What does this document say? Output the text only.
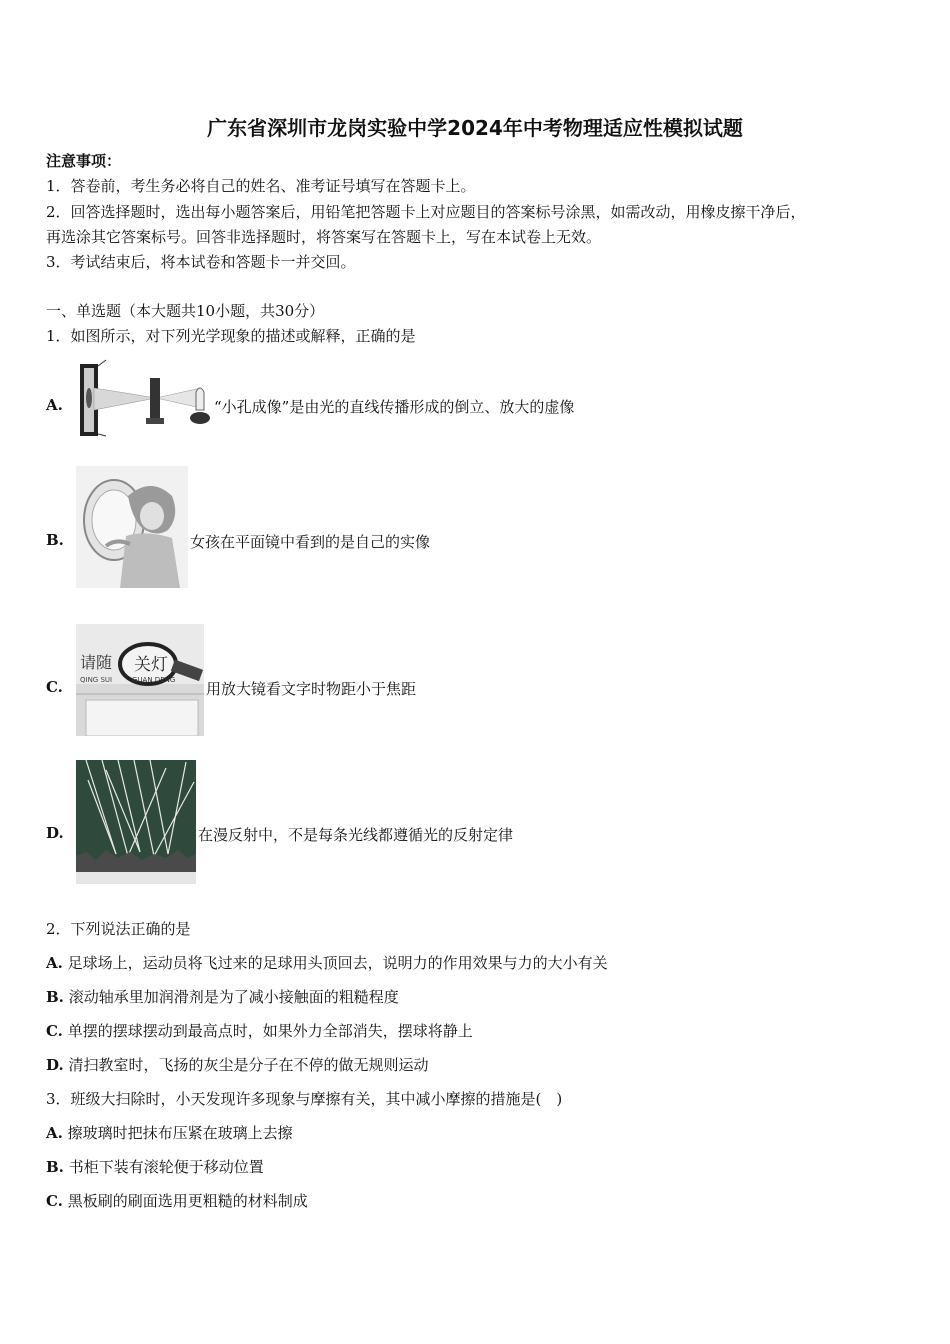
广东省深圳市龙岗实验中学2024年中考物理适应性模拟试题
注意事项：
1．答卷前，考生务必将自己的姓名、准考证号填写在答题卡上。
2．回答选择题时，选出每小题答案后，用铅笔把答题卡上对应题目的答案标号涂黑，如需改动，用橡皮擦干净后，
再选涂其它答案标号。回答非选择题时，将答案写在答题卡上，写在本试卷上无效。
3．考试结束后，将本试卷和答题卡一并交回。
一、单选题（本大题共10小题，共30分）
1．如图所示，对下列光学现象的描述或解释，正确的是
A.	“小孔成像”是由光的直线传播形成的倒立、放大的虚像
B.	女孩在平面镜中看到的是自己的实像
C.
请随
QING SUI
关灯
GUAN DENG 用放大镜看文字时物距小于焦距
D.	在漫反射中，不是每条光线都遵循光的反射定律
2．下列说法正确的是
A. 足球场上，运动员将飞过来的足球用头顶回去，说明力的作用效果与力的大小有关
B. 滚动轴承里加润滑剂是为了减小接触面的粗糙程度
C. 单摆的摆球摆动到最高点时，如果外力全部消失，摆球将静上
D. 清扫教室时，飞扬的灰尘是分子在不停的做无规则运动
3．班级大扫除时，小天发现许多现象与摩擦有关，其中减小摩擦的措施是(　)
A. 擦玻璃时把抹布压紧在玻璃上去擦
B. 书柜下装有滚轮便于移动位置
C. 黑板刷的刷面选用更粗糙的材料制成
